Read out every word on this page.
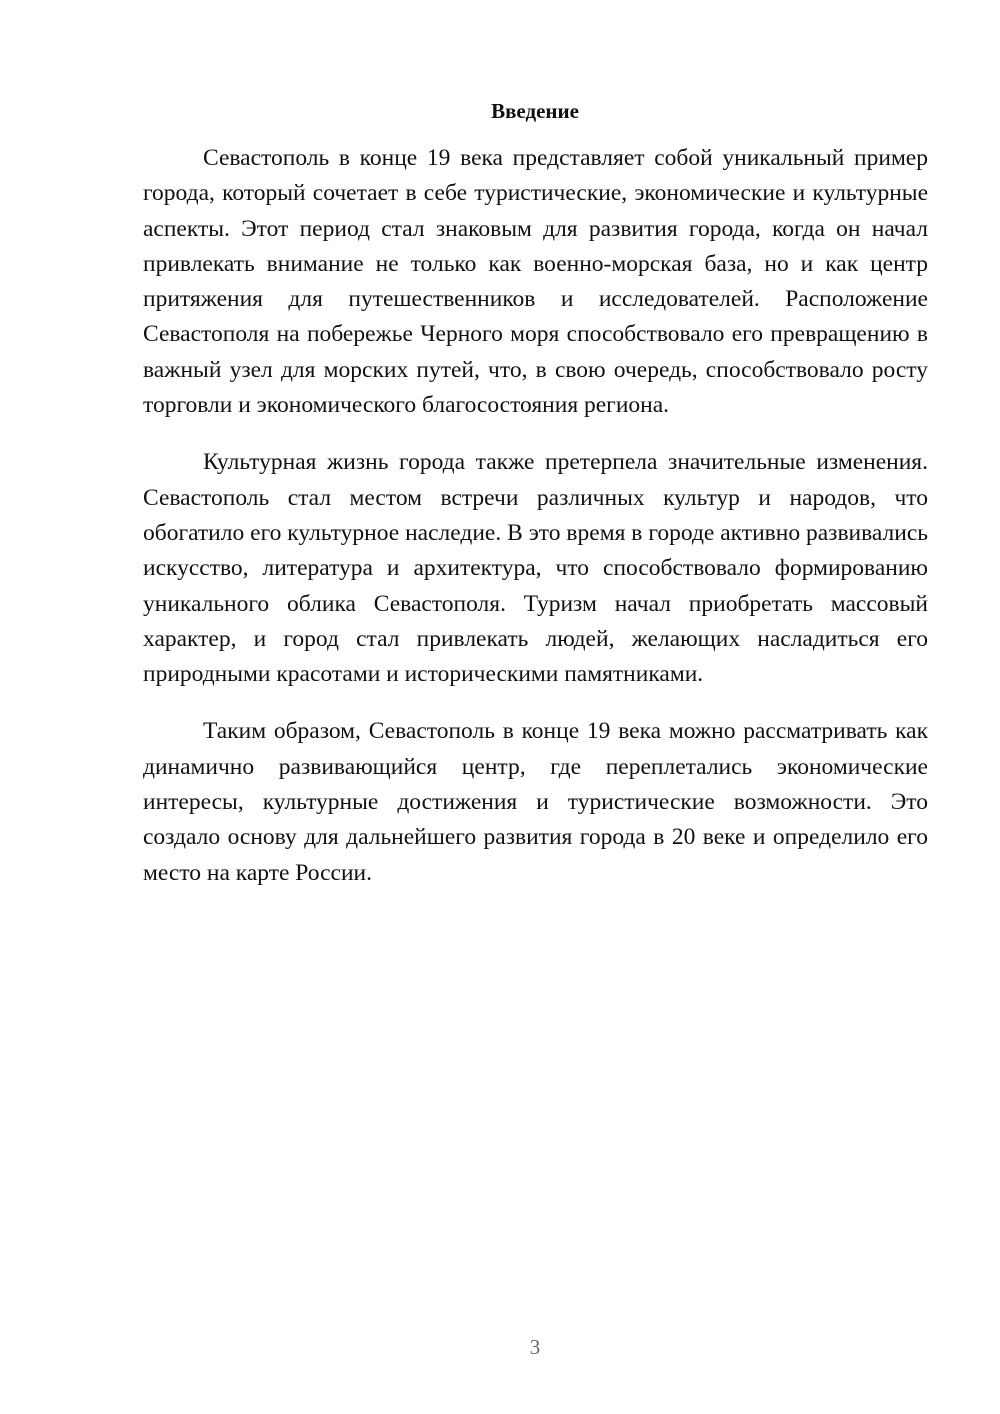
Введение

Севастополь в конце 19 века представляет собой уникальный пример города, который сочетает в себе туристические, экономические и культурные аспекты. Этот период стал знаковым для развития города, когда он начал привлекать внимание не только как военно-морская база, но и как центр притяжения для путешественников и исследователей. Расположение Севастополя на побережье Черного моря способствовало его превращению в важный узел для морских путей, что, в свою очередь, способствовало росту торговли и экономического благосостояния региона.

Культурная жизнь города также претерпела значительные изменения. Севастополь стал местом встречи различных культур и народов, что обогатило его культурное наследие. В это время в городе активно развивались искусство, литература и архитектура, что способствовало формированию уникального облика Севастополя. Туризм начал приобретать массовый характер, и город стал привлекать людей, желающих насладиться его природными красотами и историческими памятниками.

Таким образом, Севастополь в конце 19 века можно рассматривать как динамично развивающийся центр, где переплетались экономические интересы, культурные достижения и туристические возможности. Это создало основу для дальнейшего развития города в 20 веке и определило его место на карте России.

3
